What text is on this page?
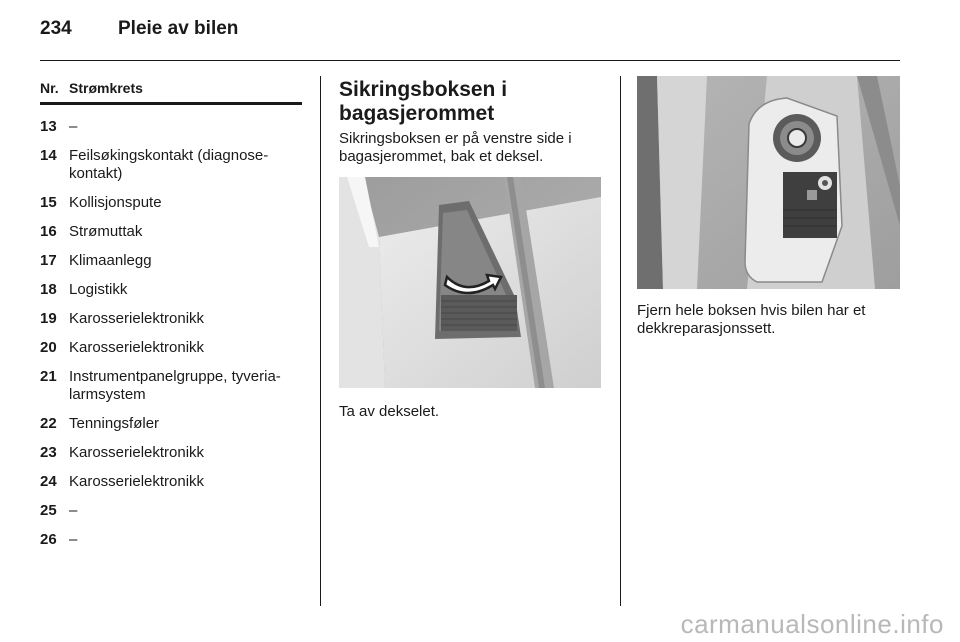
234	Pleie av bilen
Nr. Strømkrets
13 –
14 Feilsøkingskontakt (diagnose-
kontakt)
15 Kollisjonspute
16 Strømuttak
17 Klimaanlegg
18 Logistikk
19 Karosserielektronikk
20 Karosserielektronikk
21 Instrumentpanelgruppe, tyveria-
larmsystem
22 Tenningsføler
23 Karosserielektronikk
24 Karosserielektronikk
25 –
26 –
Sikringsboksen i
bagasjerommet

Sikringsboksen er på venstre side i
bagasjerommet, bak et deksel.

Ta av dekselet.

Fjern hele boksen hvis bilen har et
dekkreparasjonssett.

carmanualsonline.info
